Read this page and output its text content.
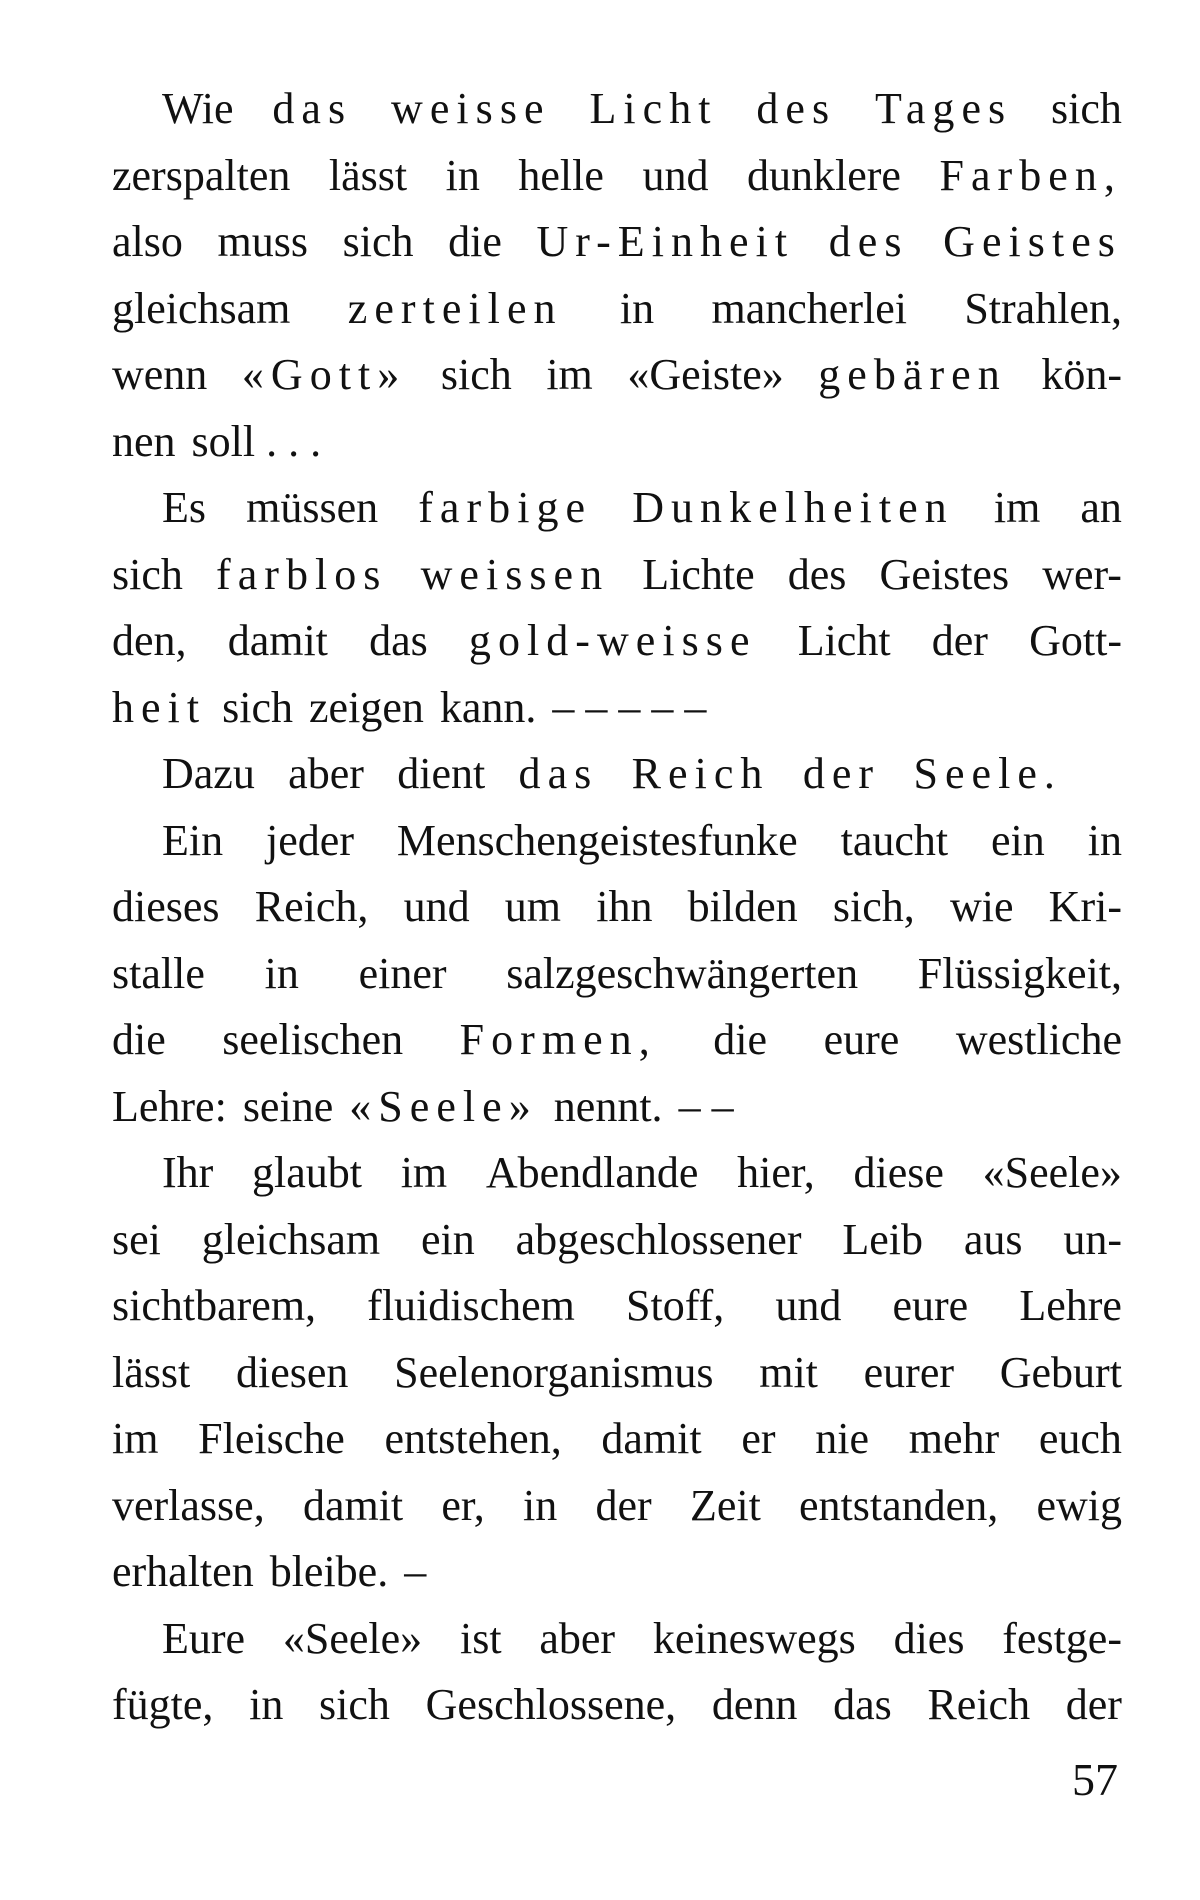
Wie das weisse Licht des Tages sich
zerspalten lässt in helle und dunklere Farben,
also muss sich die Ur-Einheit des Geistes
gleichsam zerteilen in mancherlei Strahlen,
wenn «Gott» sich im «Geiste» gebären kön-
nen soll . . .
Es müssen farbige Dunkelheiten im an
sich farblos weissen Lichte des Geistes wer-
den, damit das gold-weisse Licht der Gott-
heit sich zeigen kann. – – – – –
Dazu aber dient das Reich der Seele.
Ein jeder Menschengeistesfunke taucht ein in
dieses Reich, und um ihn bilden sich, wie Kri-
stalle in einer salzgeschwängerten Flüssigkeit,
die seelischen Formen, die eure westliche
Lehre: seine «Seele» nennt. – –
Ihr glaubt im Abendlande hier, diese «Seele»
sei gleichsam ein abgeschlossener Leib aus un-
sichtbarem, fluidischem Stoff, und eure Lehre
lässt diesen Seelenorganismus mit eurer Geburt
im Fleische entstehen, damit er nie mehr euch
verlasse, damit er, in der Zeit entstanden, ewig
erhalten bleibe. –
Eure «Seele» ist aber keineswegs dies festge-
fügte, in sich Geschlossene, denn das Reich der
57
